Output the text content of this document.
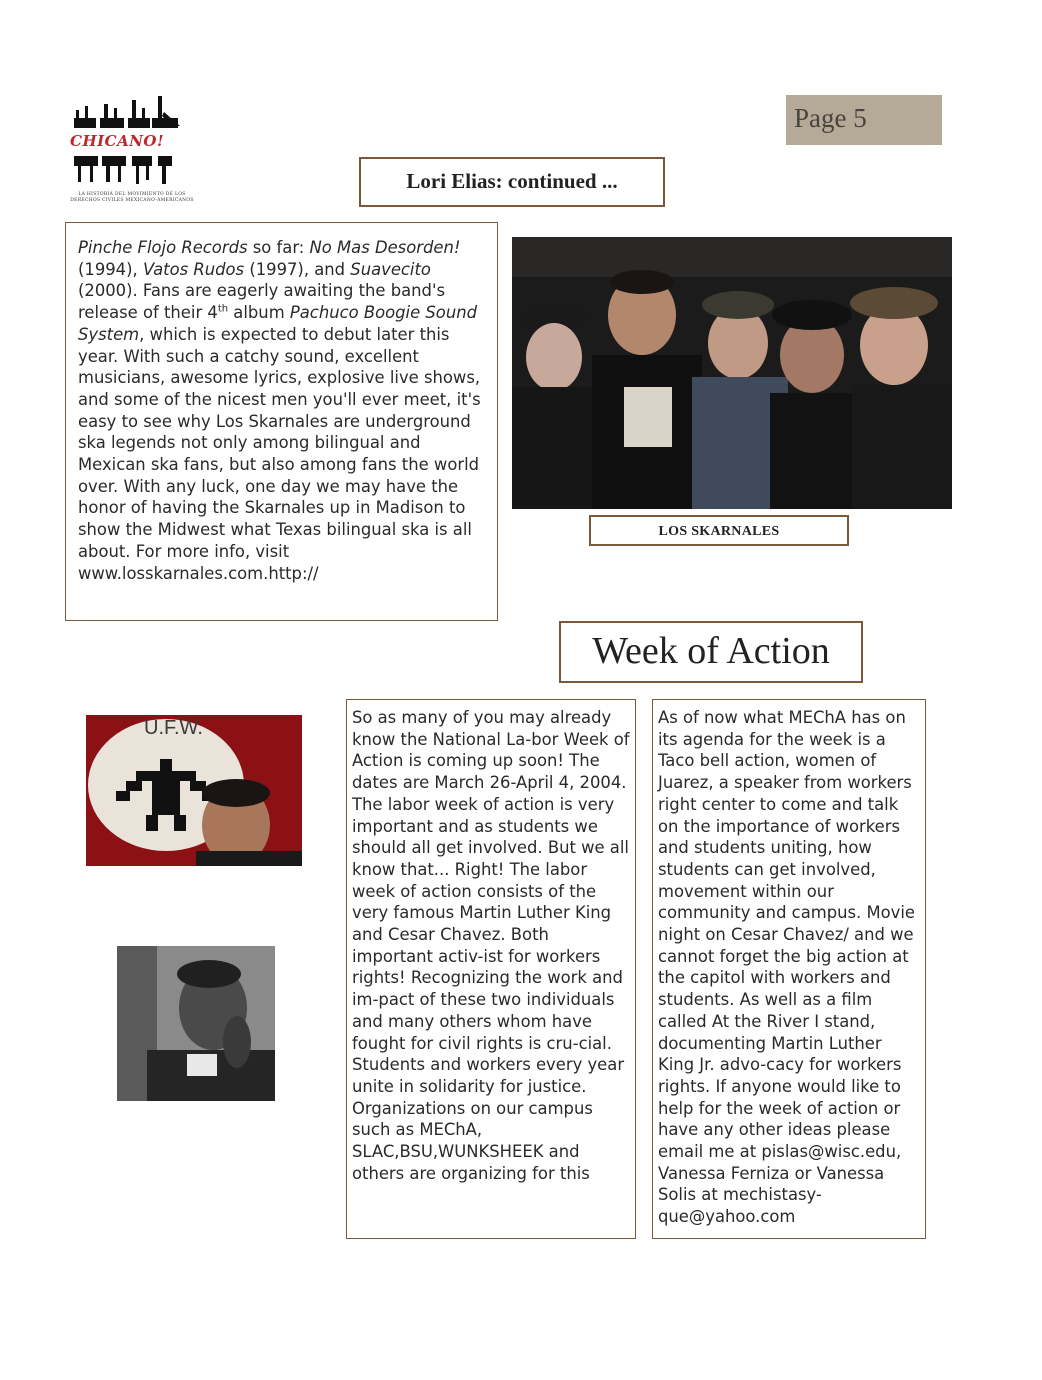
CHICANO!
LA HISTORIA DEL MOVIMIENTO DE LOS
DERECHOS CIVILES MEXICANO-AMERICANOS
Page 5
Lori Elias: continued ...

Pinche Flojo Records so far: No Mas Desorden! (1994), Vatos Rudos (1997), and Suavecito (2000). Fans are eagerly awaiting the band's release of their 4th album Pachuco Boogie Sound System, which is expected to debut later this year. With such a catchy sound, excellent musicians, awesome lyrics, explosive live shows, and some of the nicest men you'll ever meet, it's easy to see why Los Skarnales are underground ska legends not only among bilingual and Mexican ska fans, but also among fans the world over. With any luck, one day we may have the honor of having the Skarnales up in Madison to show the Midwest what Texas bilingual ska is all about. For more info, visit www.losskarnales.com.http://

LOS SKARNALES
Week of Action
U.F.W.	So as many of you may already know the National La-bor Week of Action is coming up soon! The dates are March 26-April 4, 2004. The labor week of action is very important and as students we should all get involved. But we all know that... Right! The labor week of action consists of the very famous Martin Luther King and Cesar Chavez. Both important activ-ist for workers rights! Recognizing the work and im-pact of these two individuals and many others whom have fought for civil rights is cru-cial. Students and workers every year unite in solidarity for justice. Organizations on our campus such as MEChA, SLAC,BSU,WUNKSHEEK and others are organizing for this

As of now what MEChA has on its agenda for the week is a Taco bell action, women of Juarez, a speaker from workers right center to come and talk on the importance of workers and students uniting, how students can get involved, movement within our community and campus. Movie night on Cesar Chavez/ and we cannot forget the big action at the capitol with workers and students. As well as a film called At the River I stand, documenting Martin Luther King Jr. advo-cacy for workers rights. If anyone would like to help for the week of action or have any other ideas please email me at pislas@wisc.edu, Vanessa Ferniza or Vanessa Solis at mechistasy-que@yahoo.com
